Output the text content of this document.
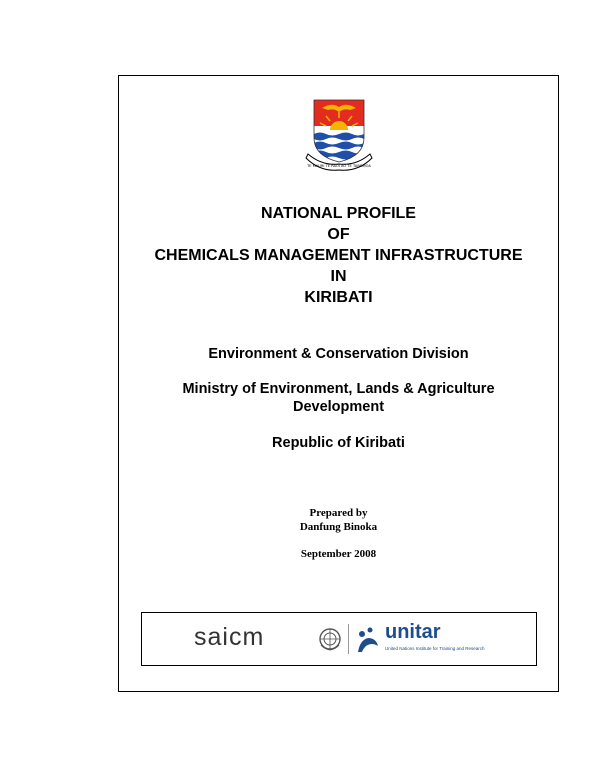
TE MAURI TE RAOI AO TE TABOMOA

NATIONAL PROFILE

OF

CHEMICALS MANAGEMENT INFRASTRUCTURE

IN

KIRIBATI

Environment & Conservation Division

Ministry of Environment, Lands & Agriculture

Development

Republic of Kiribati

Prepared by

Danfung Binoka

September 2008

saicm	unitar
United Nations Institute for Training and Research
